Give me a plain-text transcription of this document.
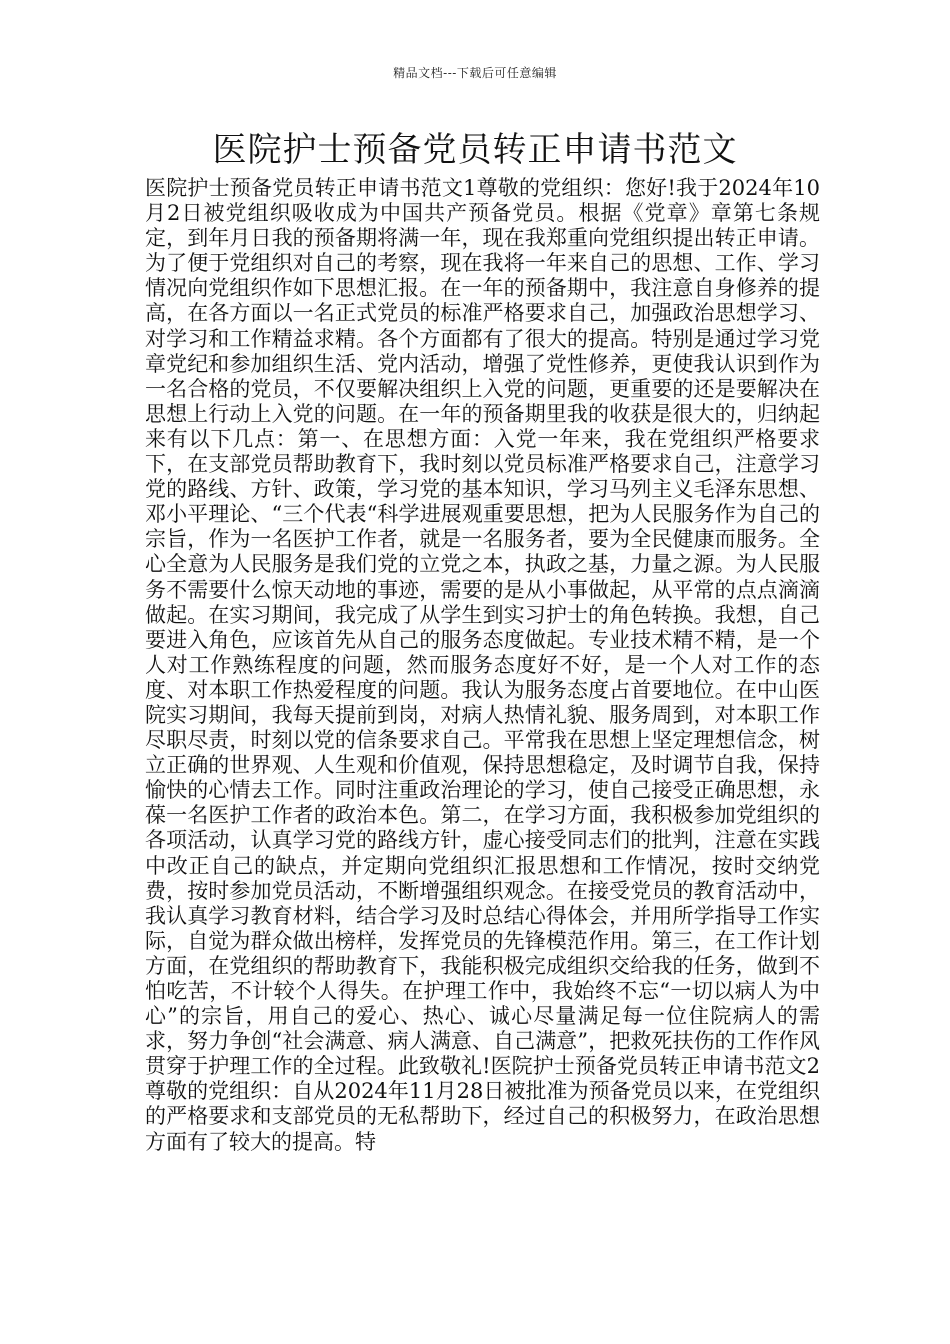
精品文档---下载后可任意编辑
医院护士预备党员转正申请书范文

医院护士预备党员转正申请书范文1尊敬的党组织：您好!我于2024年10月2日被党组织吸收成为中国共产预备党员。根据《党章》章第七条规定，到年月日我的预备期将满一年，现在我郑重向党组织提出转正申请。为了便于党组织对自己的考察，现在我将一年来自己的思想、工作、学习情况向党组织作如下思想汇报。在一年的预备期中，我注意自身修养的提高，在各方面以一名正式党员的标准严格要求自己，加强政治思想学习、对学习和工作精益求精。各个方面都有了很大的提高。特别是通过学习党章党纪和参加组织生活、党内活动，增强了党性修养，更使我认识到作为一名合格的党员，不仅要解决组织上入党的问题，更重要的还是要解决在思想上行动上入党的问题。在一年的预备期里我的收获是很大的，归纳起来有以下几点：第一、在思想方面：入党一年来，我在党组织严格要求下，在支部党员帮助教育下，我时刻以党员标准严格要求自己，注意学习党的路线、方针、政策，学习党的基本知识，学习马列主义毛泽东思想、邓小平理论、“三个代表“科学进展观重要思想，把为人民服务作为自己的宗旨，作为一名医护工作者，就是一名服务者，要为全民健康而服务。全心全意为人民服务是我们党的立党之本，执政之基，力量之源。为人民服务不需要什么惊天动地的事迹，需要的是从小事做起，从平常的点点滴滴做起。在实习期间，我完成了从学生到实习护士的角色转换。我想，自己要进入角色，应该首先从自己的服务态度做起。专业技术精不精，是一个人对工作熟练程度的问题，然而服务态度好不好，是一个人对工作的态度、对本职工作热爱程度的问题。我认为服务态度占首要地位。在中山医院实习期间，我每天提前到岗，对病人热情礼貌、服务周到，对本职工作尽职尽责，时刻以党的信条要求自己。平常我在思想上坚定理想信念，树立正确的世界观、人生观和价值观，保持思想稳定，及时调节自我，保持愉快的心情去工作。同时注重政治理论的学习，使自己接受正确思想，永葆一名医护工作者的政治本色。第二，在学习方面，我积极参加党组织的各项活动，认真学习党的路线方针，虚心接受同志们的批判，注意在实践中改正自己的缺点，并定期向党组织汇报思想和工作情况，按时交纳党费，按时参加党员活动，不断增强组织观念。在接受党员的教育活动中，我认真学习教育材料，结合学习及时总结心得体会，并用所学指导工作实际，自觉为群众做出榜样，发挥党员的先锋模范作用。第三，在工作计划方面，在党组织的帮助教育下，我能积极完成组织交给我的任务，做到不怕吃苦，不计较个人得失。在护理工作中，我始终不忘“一切以病人为中心”的宗旨，用自己的爱心、热心、诚心尽量满足每一位住院病人的需求，努力争创“社会满意、病人满意、自己满意”，把救死扶伤的工作作风贯穿于护理工作的全过程。此致敬礼!医院护士预备党员转正申请书范文2尊敬的党组织：自从2024年11月28日被批准为预备党员以来，在党组织的严格要求和支部党员的无私帮助下，经过自己的积极努力，在政治思想方面有了较大的提高。特
